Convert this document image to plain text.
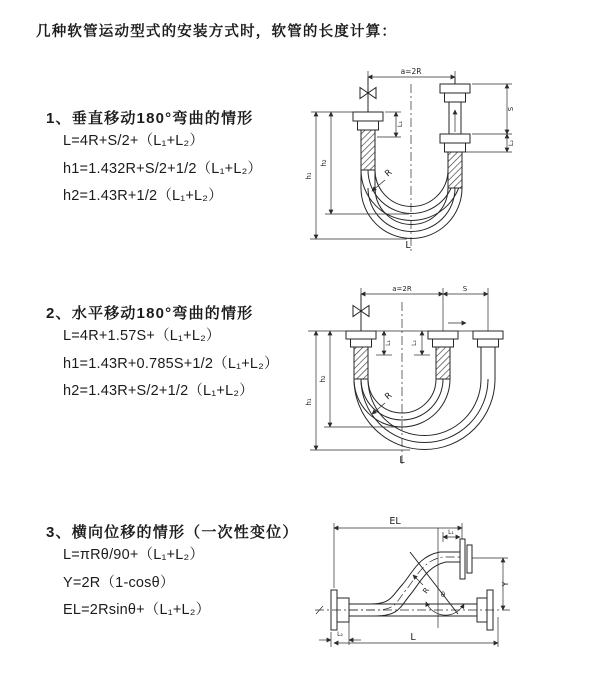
几种软管运动型式的安装方式时，软管的长度计算：
1、垂直移动180°弯曲的情形
L=4R+S/2+（L₁+L₂）
h1=1.432R+S/2+1/2（L₁+L₂）
h2=1.43R+1/2（L₁+L₂）
2、水平移动180°弯曲的情形
L=4R+1.57S+（L₁+L₂）
h1=1.43R+0.785S+1/2（L₁+L₂）
h2=1.43R+S/2+1/2（L₁+L₂）
3、横向位移的情形（一次性变位）
L=πRθ/90+（L₁+L₂）
Y=2R（1-cosθ）
EL=2Rsinθ+（L₁+L₂）
a=2R
L₁
S
L₂
h₂
h₁	R
L
a=2R	S
L₁	L₂
h₂
h₁	R
L
EL
L₁
Y
R θ
L₂	L
